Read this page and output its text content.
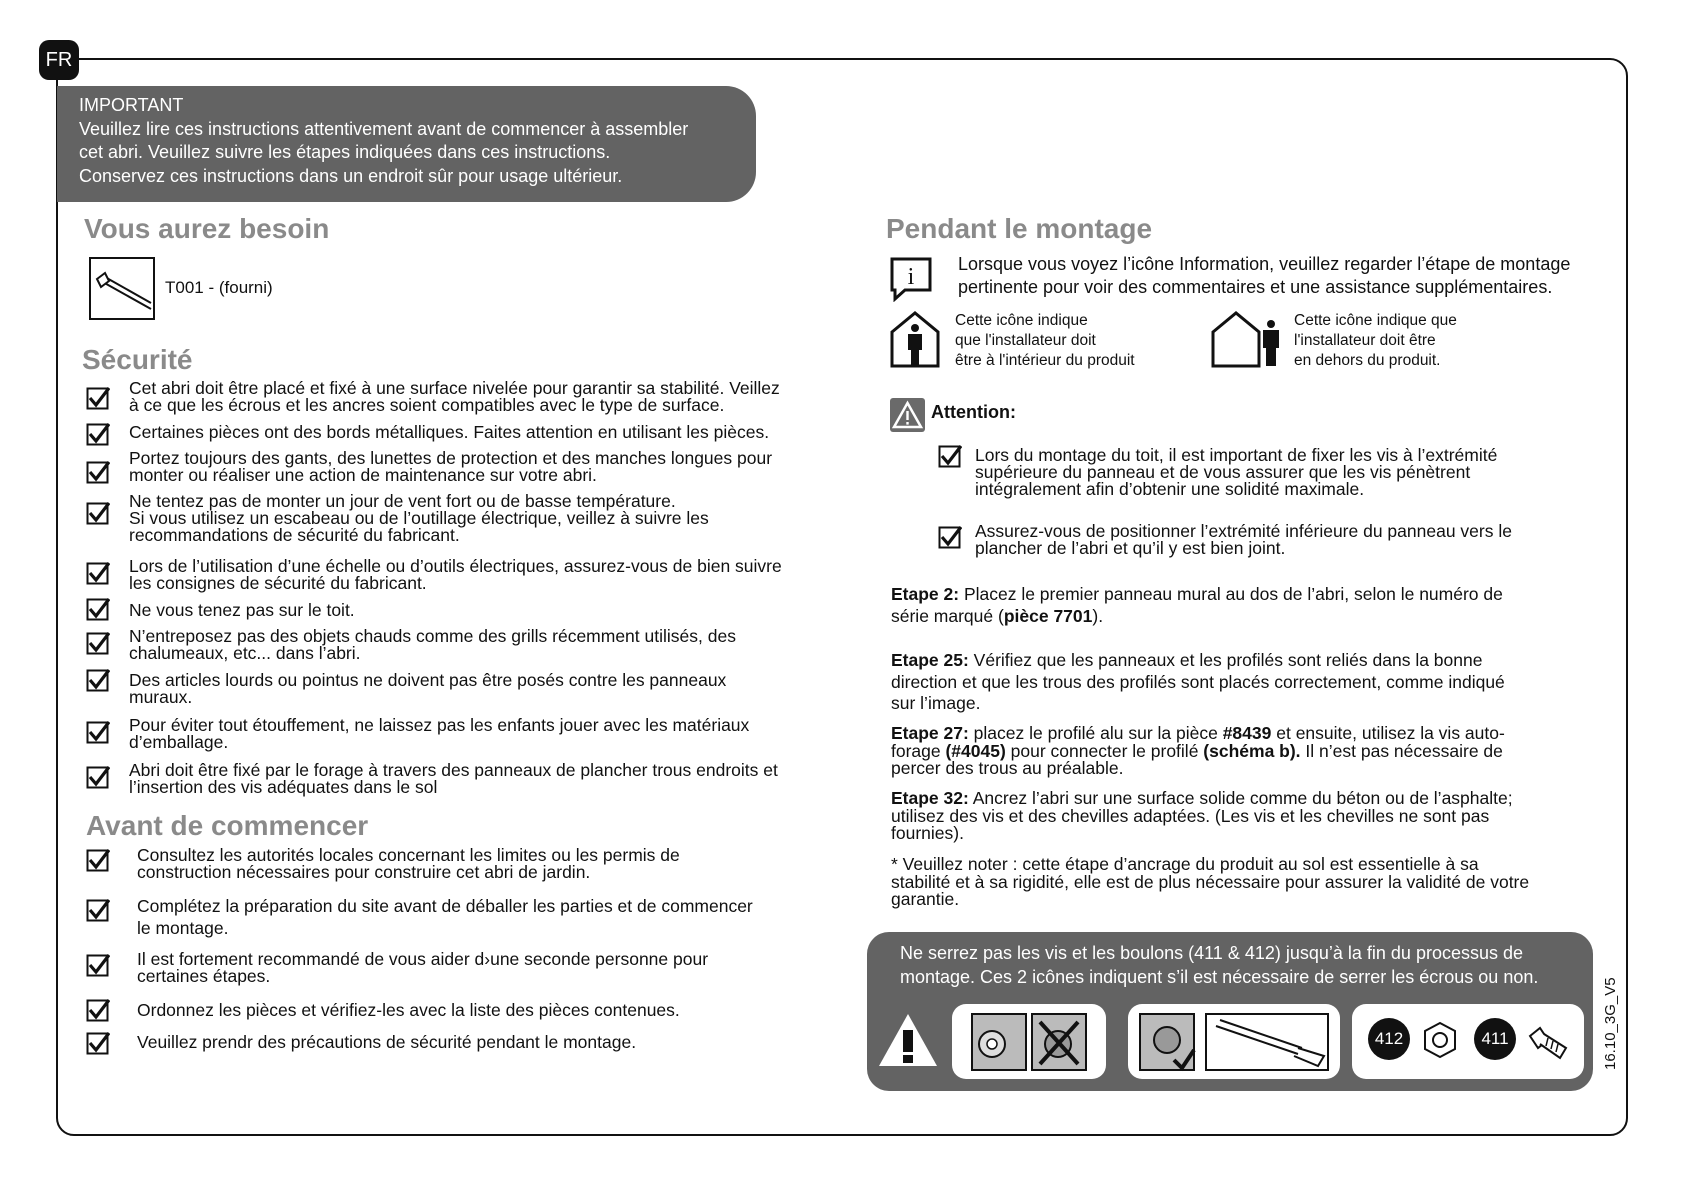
FR
IMPORTANT
Veuillez lire ces instructions attentivement avant de commencer à assembler
cet abri. Veuillez suivre les étapes indiquées dans ces instructions.
Conservez ces instructions dans un endroit sûr pour usage ultérieur.
Vous aurez besoin
T001 - (fourni)
Sécurité
Cet abri doit être placé et fixé à une surface nivelée pour garantir sa stabilité. Veillez
à ce que les écrous et les ancres soient compatibles avec le type de surface.
Certaines pièces ont des bords métalliques. Faites attention en utilisant les pièces.
Portez toujours des gants, des lunettes de protection et des manches longues pour
monter ou réaliser une action de maintenance sur votre abri.
Ne tentez pas de monter un jour de vent fort ou de basse température.
Si vous utilisez un escabeau ou de l’outillage électrique, veillez à suivre les
recommandations de sécurité du fabricant.
Lors de l’utilisation d’une échelle ou d’outils électriques, assurez-vous de bien suivre
les consignes de sécurité du fabricant.
Ne vous tenez pas sur le toit.
N’entreposez pas des objets chauds comme des grills récemment utilisés, des
chalumeaux, etc... dans l’abri.
Des articles lourds ou pointus ne doivent pas être posés contre les panneaux
muraux.
Pour éviter tout étouffement, ne laissez pas les enfants jouer avec les matériaux
d’emballage.
Abri doit être fixé par le forage à travers des panneaux de plancher trous endroits et
l’insertion des vis adéquates dans le sol
Avant de commencer
Consultez les autorités locales concernant les limites ou les permis de
construction nécessaires pour construire cet abri de jardin.
Complétez la préparation du site avant de déballer les parties et de commencer
le montage.
Il est fortement recommandé de vous aider d›une seconde personne pour
certaines étapes.
Ordonnez les pièces et vérifiez-les avec la liste des pièces contenues.
Veuillez prendr des précautions de sécurité pendant le montage.
Pendant le montage
i Lorsque vous voyez l’icône Information, veuillez regarder l’étape de montage
pertinente pour voir des commentaires et une assistance supplémentaires.
Cette icône indique
que l'installateur doit
être à l'intérieur du produit
Cette icône indique que
l'installateur doit être
en dehors du produit.
Attention:
Lors du montage du toit, il est important de fixer les vis à l’extrémité
supérieure du panneau et de vous assurer que les vis pénètrent
intégralement afin d’obtenir une solidité maximale.
Assurez-vous de positionner l’extrémité inférieure du panneau vers le
plancher de l’abri et qu’il y est bien joint.
Etape 2: Placez le premier panneau mural au dos de l’abri, selon le numéro de
série marqué (pièce 7701).
Etape 25: Vérifiez que les panneaux et les profilés sont reliés dans la bonne
direction et que les trous des profilés sont placés correctement, comme indiqué
sur l’image.
Etape 27: placez le profilé alu sur la pièce #8439 et ensuite, utilisez la vis auto-
forage (#4045) pour connecter le profilé (schéma b). Il n’est pas nécessaire de
percer des trous au préalable.
Etape 32: Ancrez l’abri sur une surface solide comme du béton ou de l’asphalte;
utilisez des vis et des chevilles adaptées. (Les vis et les chevilles ne sont pas
fournies).
* Veuillez noter : cette étape d’ancrage du produit au sol est essentielle à sa
stabilité et à sa rigidité, elle est de plus nécessaire pour assurer la validité de votre
garantie.
Ne serrez pas les vis et les boulons (411 & 412) jusqu’à la fin du processus de
montage. Ces 2 icônes indiquent s’il est nécessaire de serrer les écrous ou non.
412	411	16.10_3G_V5
